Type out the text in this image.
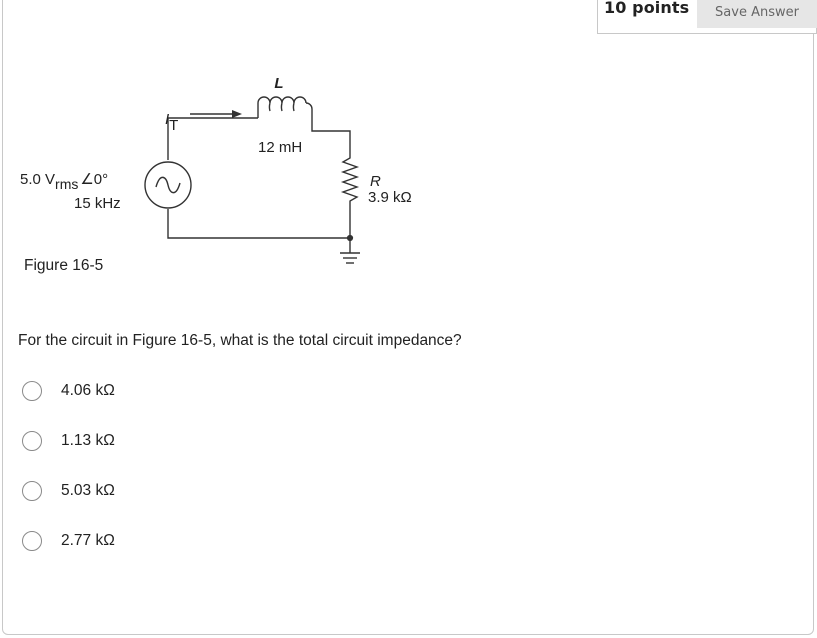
10 points	Save Answer
5.0 Vrms ∠0°
15 kHz
IT
L
12 mH
R
3.9 kΩ
Figure 16-5
For the circuit in Figure 16-5, what is the total circuit impedance?
4.06 kΩ
1.13 kΩ
5.03 kΩ
2.77 kΩ
